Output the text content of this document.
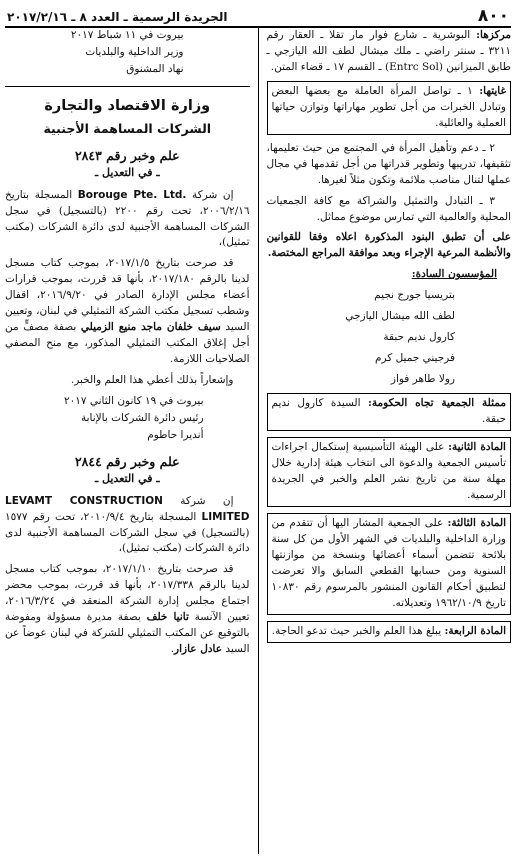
٨٠٠
الجريدة الرسمية ـ العدد ٨ ـ ٢٠١٧/٢/١٦

مركزها: البوشرية ـ شارع فوار مار تقلا ـ العقار رقم ٣٢١١ ـ سنتر راضي ـ ملك ميشال لطف الله اليازجي ـ طابق الميزانين (Entrc Sol) ـ القسم ١٧ ـ قضاء المتن.

غايتها: ١ ـ تواصل المرأة العاملة مع بعضها البعض وتبادل الخبرات من أجل تطوير مهاراتها وتوازن حياتها العملية والعائلية.

٢ ـ دعم وتأهيل المرأة في المجتمع من حيث تعليمها، تثقيفها، تدريبها وتطوير قدراتها من أجل تقدمها في مجال عملها لتنال مناصب ملائمة وتكون مثلاً لغيرها.

٣ ـ التبادل والتمثيل والشراكة مع كافة الجمعيات المحلية والعالمية التي تمارس موضوع مماثل.

على أن تطبق البنود المذكورة اعلاه وفقا للقوانين والأنظمة المرعية الإجراء وبعد موافقة المراجع المختصة.

المؤسسون السادة:

بتريسيا جورج نجيم

لطف الله ميشال اليازجي

كارول نديم حبقة

فرجيني جميل كرم

رولا طاهر فواز

ممثلة الجمعية تجاه الحكومة: السيدة كارول نديم حبقة.

المادة الثانية: على الهيئة التأسيسية إستكمال اجراءات تأسيس الجمعية والدعوة الى انتخاب هيئة إدارية خلال مهلة سنة من تاريخ نشر العلم والخبر في الجريدة الرسمية.

المادة الثالثة: على الجمعية المشار اليها أن تتقدم من وزارة الداخلية والبلديات في الشهر الأول من كل سنة بلائحة تتضمن أسماء أعضائها وبنسخة من موازنتها السنوية ومن حسابها القطعي السابق والا تعرضت لتطبيق أحكام القانون المنشور بالمرسوم رقم ١٠٨٣٠ تاريخ ١٩٦٢/١٠/٩ وتعديلاته.

المادة الرابعة: يبلغ هذا العلم والخبر حيث تدعو الحاجة.

بيروت في ١١ شباط ٢٠١٧

وزير الداخلية والبلديات

نهاد المشنوق

وزارة الاقتصاد والتجارة

الشركات المساهمة الأجنبية

علم وخبر رقم ٢٨٤٣

ـ في التعديل ـ

إن شركة Borouge Pte. Ltd. المسجلة بتاريخ ٢٠٠٦/٢/١٦، تحت رقم ٢٢٠٠ (بالتسجيل) في سجل الشركات المساهمة الأجنبية لدى دائرة الشركات (مكتب تمثيل)،

قد صرحت بتاريخ ٢٠١٧/١/٥، بموجب كتاب مسجل لدينا بالرقم ٢٠١٧/١٨٠، بأنها قد قررت، بموجب قرارات أعضاء مجلس الإدارة الصادر في ٢٠١٦/٩/٢٠، اقفال وشطب تسجيل مكتب الشركة التمثيلي في لبنان، وتعيين السيد سيف خلفان ماجد منيع الزميلي بصفة مصفٍّ من أجل إغلاق المكتب التمثيلي المذكور، مع منح المصفي الصلاحيات اللازمة.

وإشعاراً بذلك أعطي هذا العلم والخبر.

بيروت في ١٩ كانون الثاني ٢٠١٧

رئيس دائرة الشركات بالإنابة

أنديرا حاطوم

علم وخبر رقم ٢٨٤٤

ـ في التعديل ـ

إن شركة LEVAMT CONSTRUCTION LIMITED المسجلة بتاريخ ٢٠١٠/٩/٤، تحت رقم ١٥٧٧ (بالتسجيل) في سجل الشركات المساهمة الأجنبية لدى دائرة الشركات (مكتب تمثيل)،

قد صرحت بتاريخ ٢٠١٧/١/١٠، بموجب كتاب مسجل لدينا بالرقم ٢٠١٧/٣٣٨، بأنها قد قررت، بموجب محضر اجتماع مجلس إدارة الشركة المنعقد في ٢٠١٦/٣/٢٤، تعيين الآنسة تانيا خلف بصفة مديرة مسؤولة ومفوضة بالتوقيع عن المكتب التمثيلي للشركة في لبنان عوضاً عن السيد عادل عازار.
